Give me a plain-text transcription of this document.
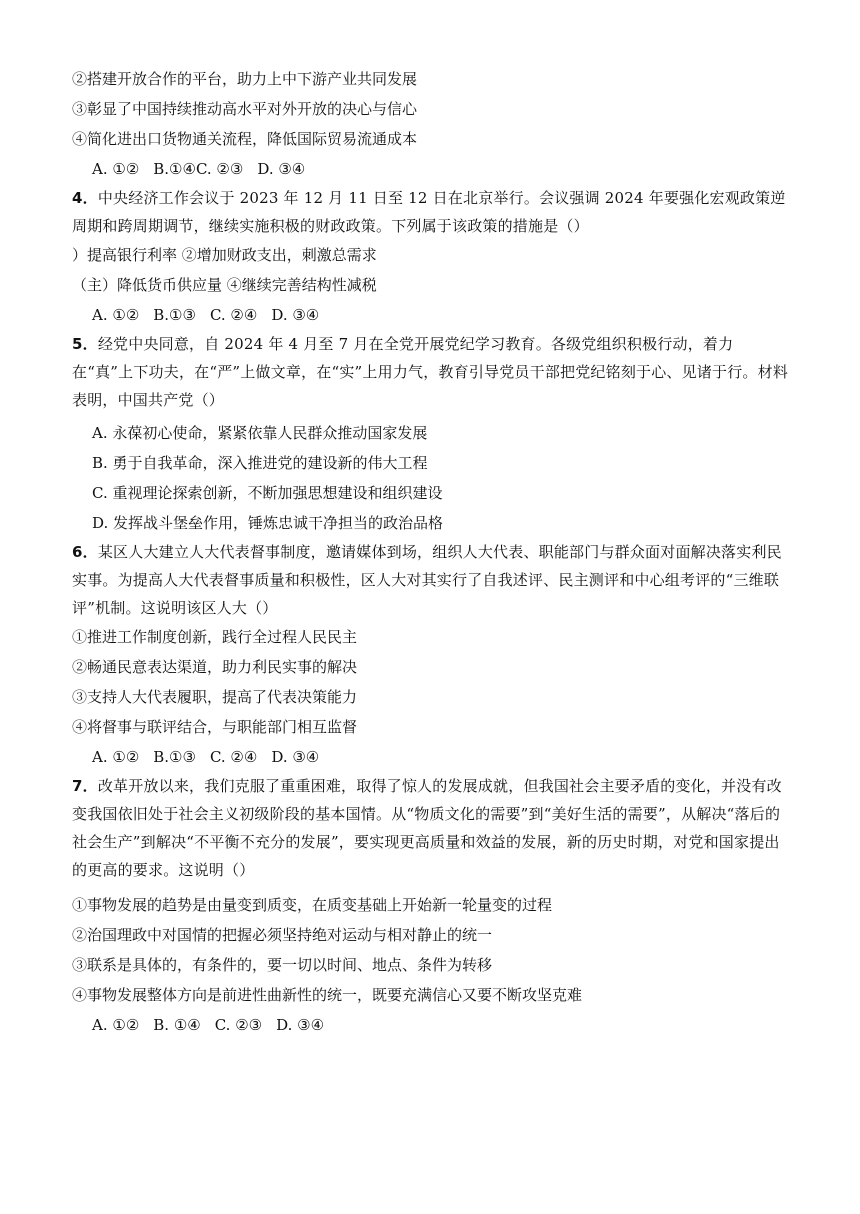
②搭建开放合作的平台，助力上中下游产业共同发展
③彰显了中国持续推动高水平对外开放的决心与信心
④简化进出口货物通关流程，降低国际贸易流通成本
A. ①② B.①④C. ②③ D. ③④
4．中央经济工作会议于 2023 年 12 月 11 日至 12 日在北京举行。会议强调 2024 年要强化宏观政策逆周期和跨周期调节，继续实施积极的财政政策。下列属于该政策的措施是（）
）提高银行利率 ②增加财政支出，刺激总需求
（主）降低货币供应量 ④继续完善结构性减税
A. ①② B.①③ C. ②④ D. ③④
5．经党中央同意，自 2024 年 4 月至 7 月在全党开展党纪学习教育。各级党组织积极行动，着力在“真”上下功夫，在“严”上做文章，在“实”上用力气，教育引导党员干部把党纪铭刻于心、见诸于行。材料表明，中国共产党（）
A. 永葆初心使命，紧紧依靠人民群众推动国家发展
B. 勇于自我革命，深入推进党的建设新的伟大工程
C. 重视理论探索创新，不断加强思想建设和组织建设
D. 发挥战斗堡垒作用，锤炼忠诚干净担当的政治品格
6．某区人大建立人大代表督事制度，邀请媒体到场，组织人大代表、职能部门与群众面对面解决落实利民实事。为提高人大代表督事质量和积极性，区人大对其实行了自我述评、民主测评和中心组考评的“三维联评”机制。这说明该区人大（）
①推进工作制度创新，践行全过程人民民主
②畅通民意表达渠道，助力利民实事的解决
③支持人大代表履职，提高了代表决策能力
④将督事与联评结合，与职能部门相互监督
A. ①② B.①③ C. ②④ D. ③④
7．改革开放以来，我们克服了重重困难，取得了惊人的发展成就，但我国社会主要矛盾的变化，并没有改变我国依旧处于社会主义初级阶段的基本国情。从“物质文化的需要”到“美好生活的需要”，从解决“落后的社会生产”到解决“不平衡不充分的发展”，要实现更高质量和效益的发展，新的历史时期，对党和国家提出的更高的要求。这说明（）
①事物发展的趋势是由量变到质变，在质变基础上开始新一轮量变的过程
②治国理政中对国情的把握必须坚持绝对运动与相对静止的统一
③联系是具体的，有条件的，要一切以时间、地点、条件为转移
④事物发展整体方向是前进性曲新性的统一，既要充满信心又要不断攻坚克难
A. ①② B. ①④ C. ②③ D. ③④
